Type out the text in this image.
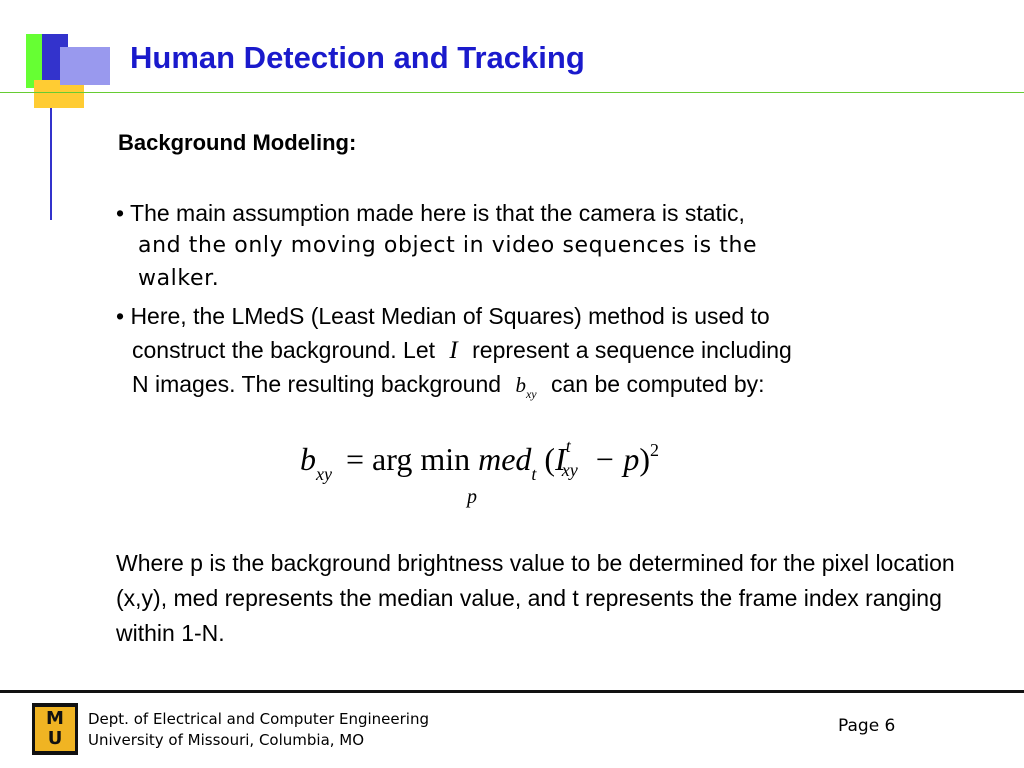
Human Detection and Tracking
Background Modeling:
• The main assumption made here is that the camera is static,
and the only moving object in video sequences is the
walker.
• Here, the LMedS (Least Median of Squares) method is used to
construct the background. Let I represent a sequence including
N images. The resulting background $b_{xy}$ can be computed by:
$b_{xy}$ = arg min med$_t$ (I t
xy − p)$^2$
p
Where p is the background brightness value to be determined for the pixel location (x,y), med represents the median value, and t represents the frame index ranging within 1-N.
M
U
Dept. of Electrical and Computer Engineering
University of Missouri, Columbia, MO
Page 6
